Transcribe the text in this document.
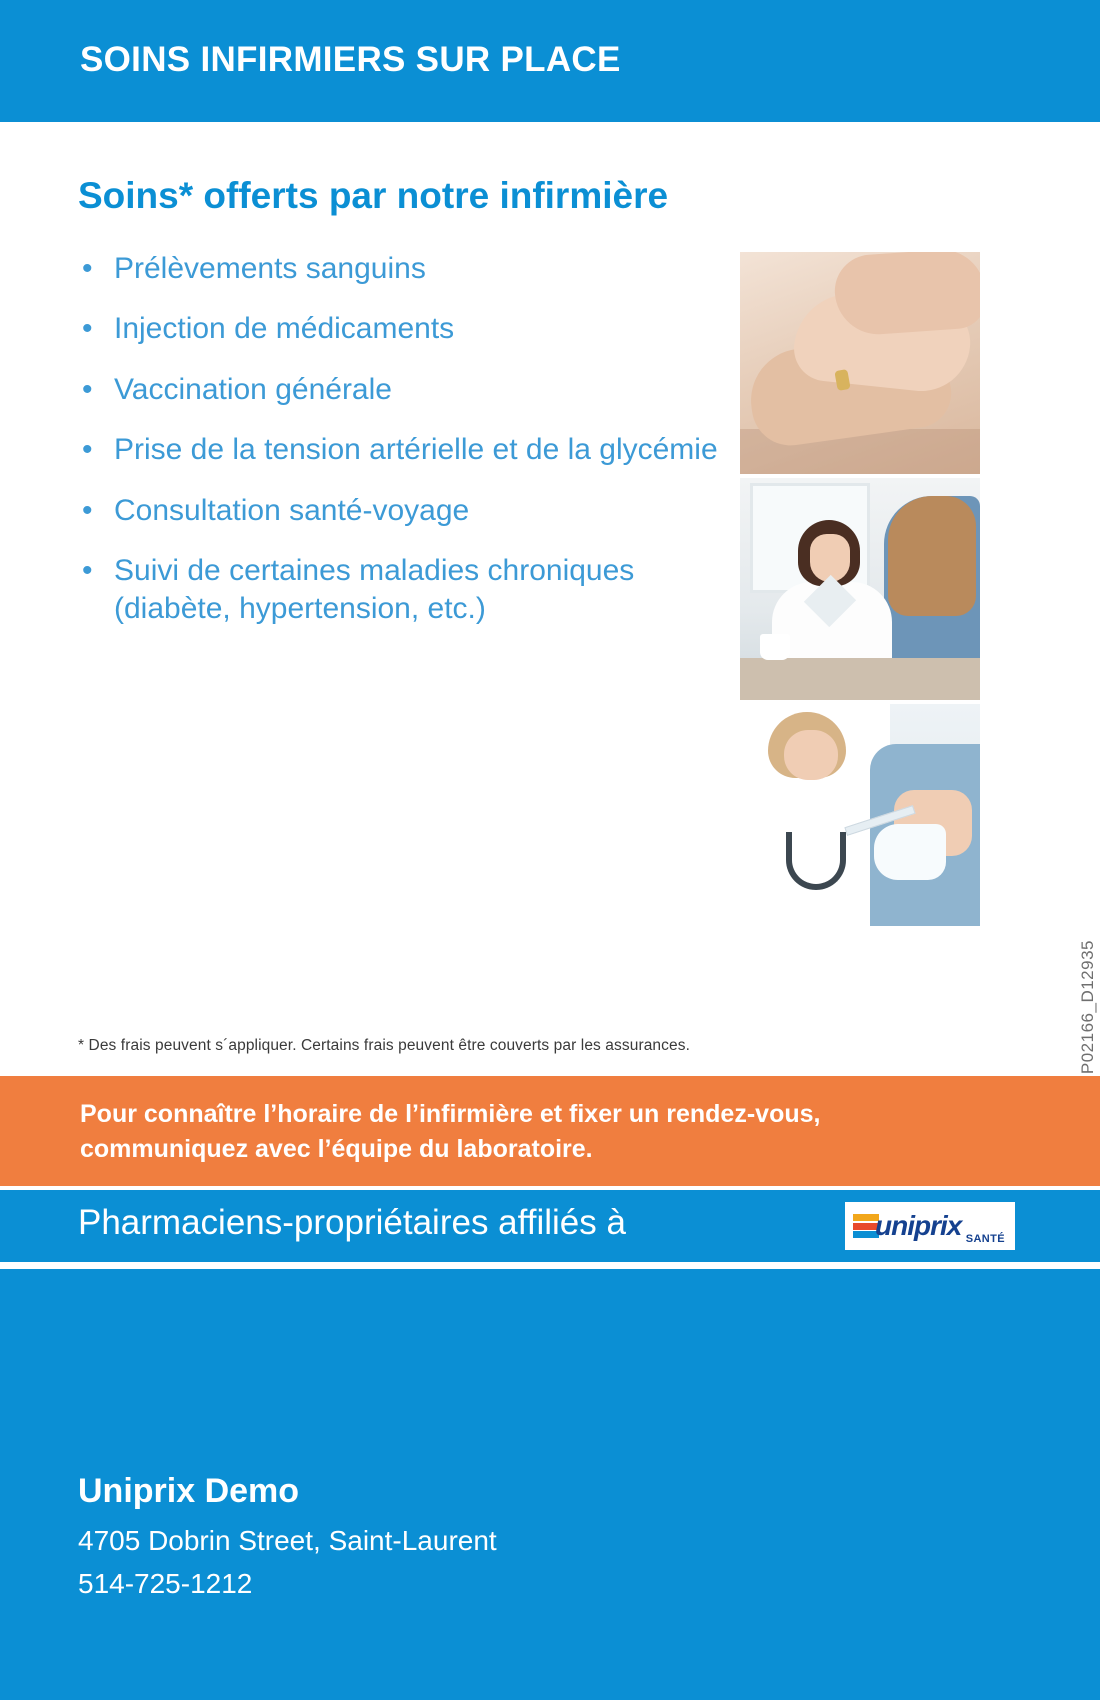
SOINS INFIRMIERS SUR PLACE
Soins* offerts par notre infirmière
• Prélèvements sanguins
• Injection de médicaments
• Vaccination générale
• Prise de la tension artérielle et de la glycémie
• Consultation santé-voyage
• Suivi de certaines maladies chroniques (diabète, hypertension, etc.)
P02166_D12935
* Des frais peuvent s´appliquer. Certains frais peuvent être couverts par les assurances.
Pour connaître l’horaire de l’infirmière et fixer un rendez-vous,
communiquez avec l’équipe du laboratoire.
Pharmaciens-propriétaires affiliés à	uniprix SANTÉ
Uniprix Demo
4705 Dobrin Street, Saint-Laurent
514-725-1212
